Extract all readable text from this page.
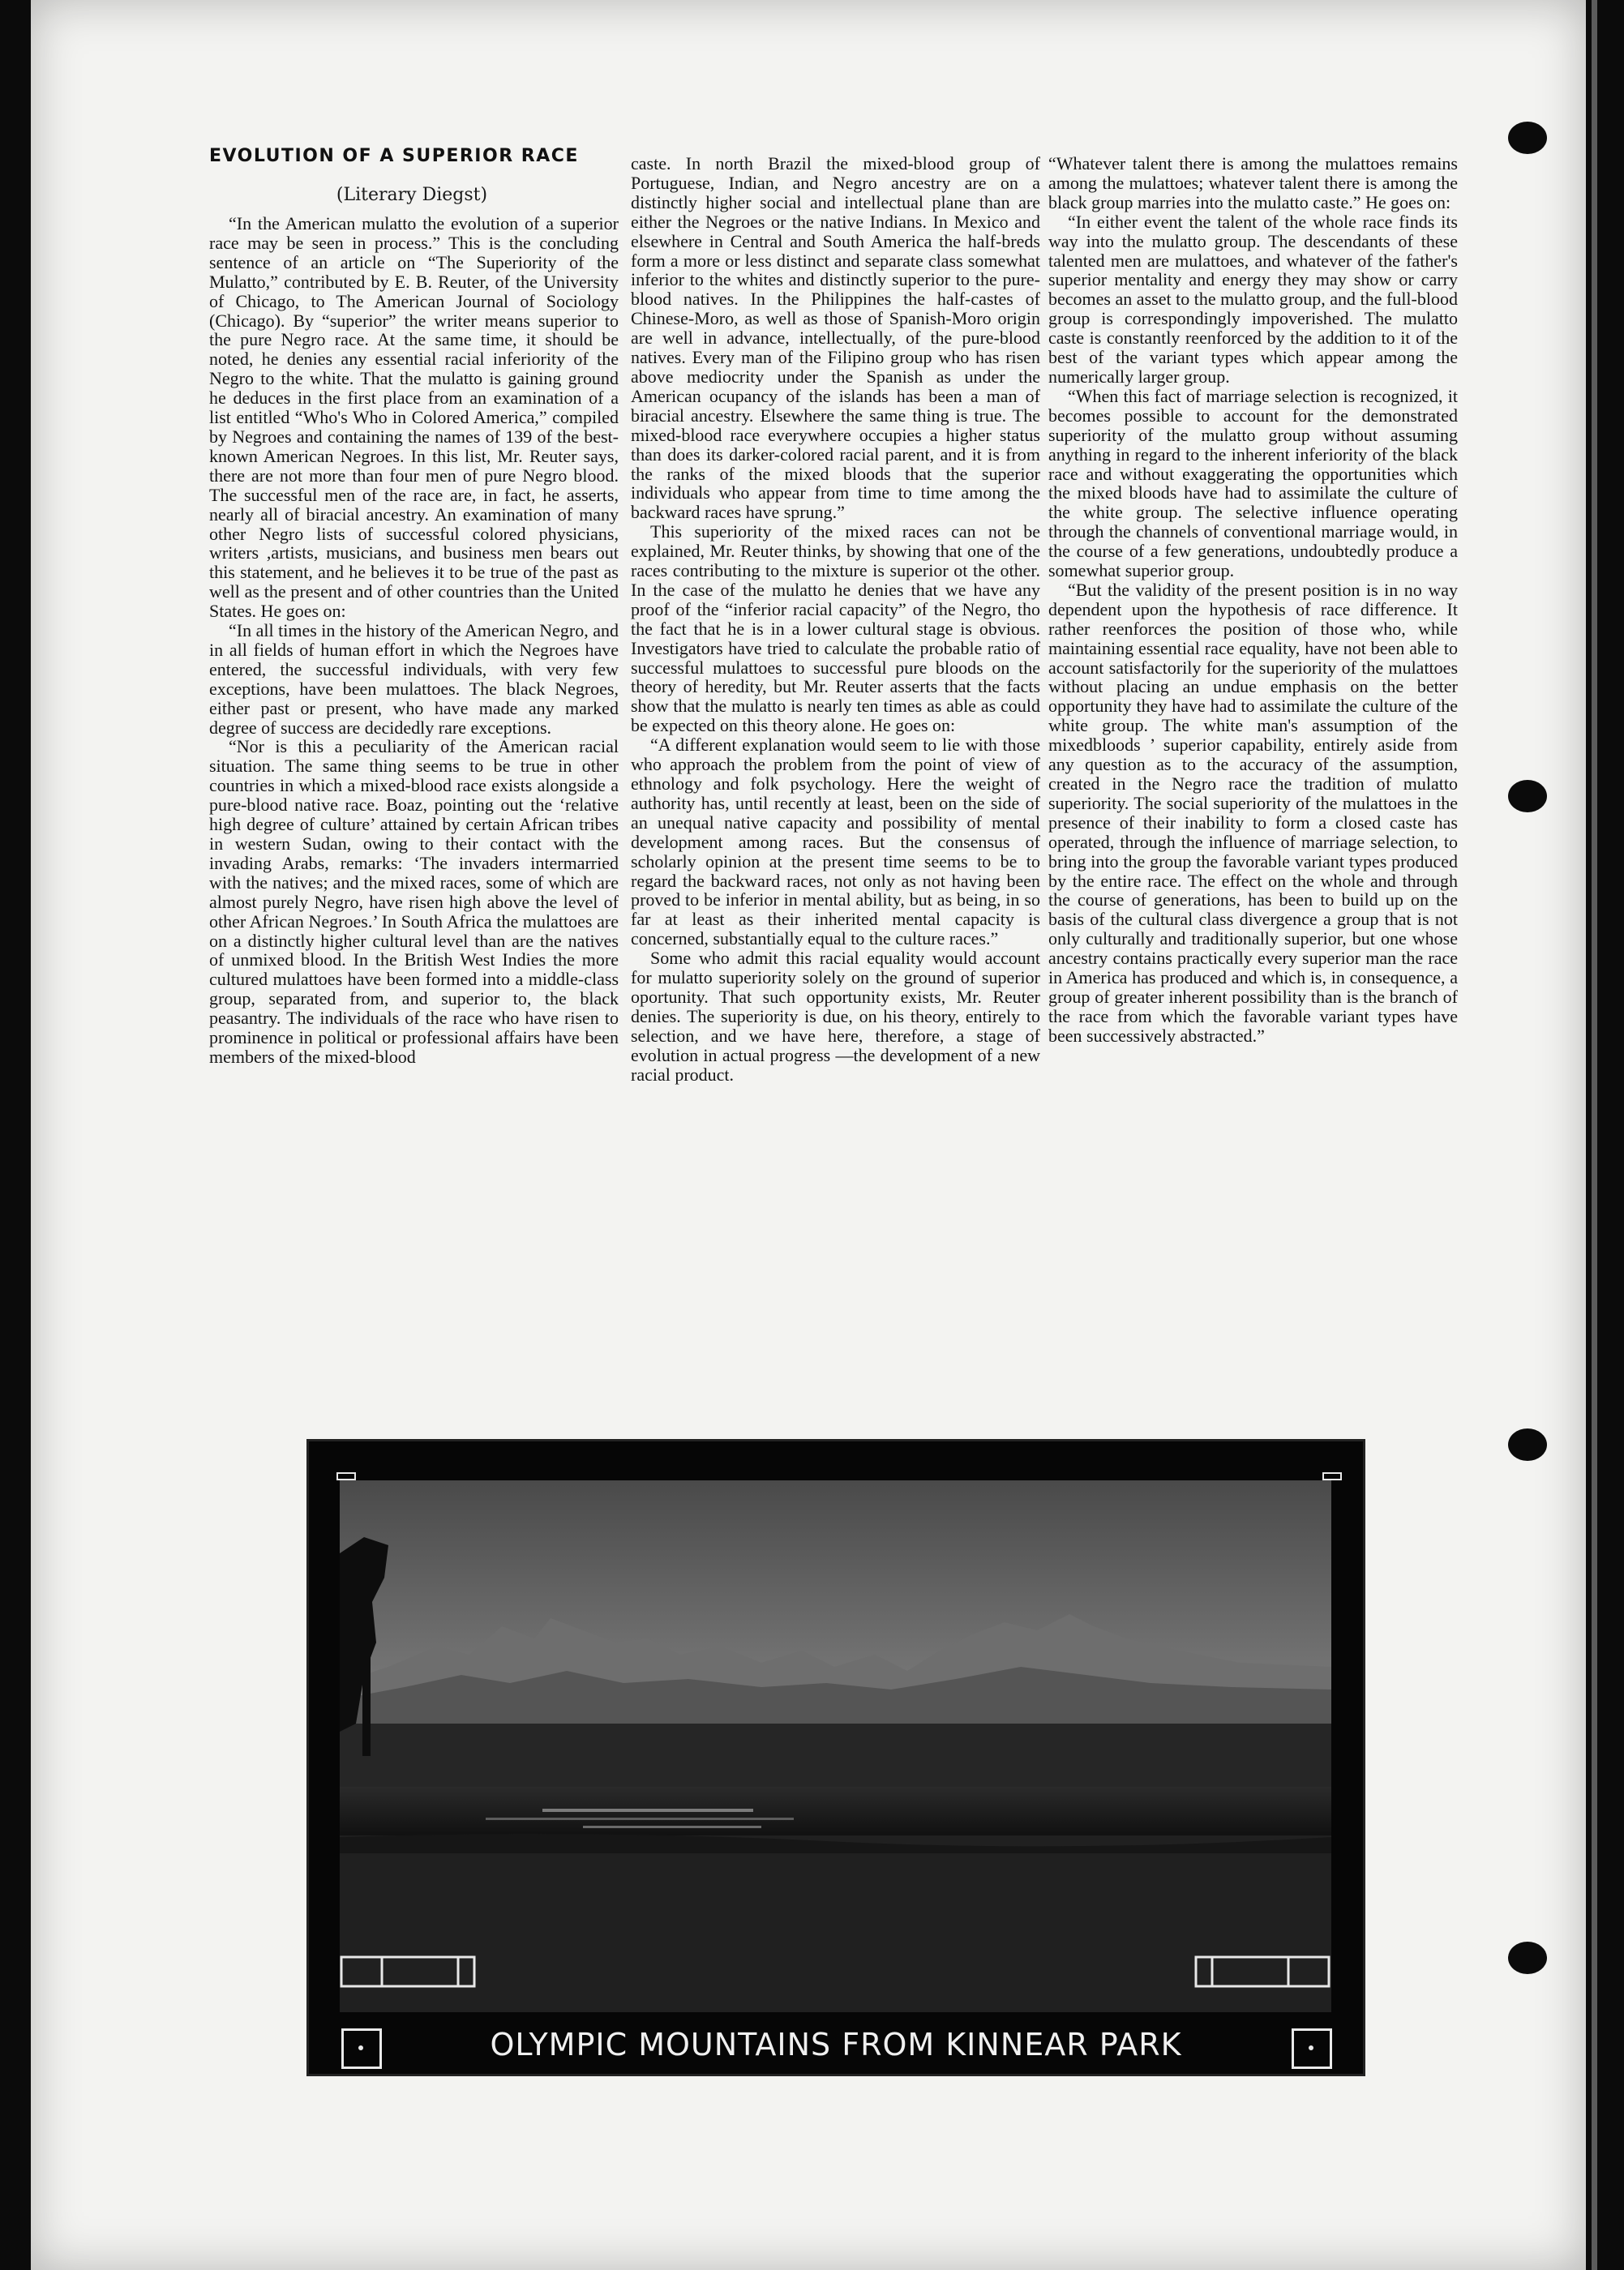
EVOLUTION OF A SUPERIOR RACE
(Literary Diegst)

“In the American mulatto the evolution of a superior race may be seen in process.” This is the concluding sentence of an article on “The Superiority of the Mulatto,” contributed by E. B. Reuter, of the University of Chicago, to The American Journal of Sociology (Chicago). By “superior” the writer means superior to the pure Negro race. At the same time, it should be noted, he denies any essential racial inferiority of the Negro to the white. That the mulatto is gaining ground he deduces in the first place from an examination of a list entitled “Who's Who in Colored America,” compiled by Negroes and containing the names of 139 of the best-known American Negroes. In this list, Mr. Reuter says, there are not more than four men of pure Negro blood. The successful men of the race are, in fact, he asserts, nearly all of biracial ancestry. An examination of many other Negro lists of successful colored physicians, writers ,artists, musicians, and business men bears out this statement, and he believes it to be true of the past as well as the present and of other countries than the United States. He goes on:

“In all times in the history of the American Negro, and in all fields of human effort in which the Negroes have entered, the successful individuals, with very few exceptions, have been mulattoes. The black Negroes, either past or present, who have made any marked degree of success are decidedly rare exceptions.

“Nor is this a peculiarity of the American racial situation. The same thing seems to be true in other countries in which a mixed-blood race exists alongside a pure-blood native race. Boaz, pointing out the ‘relative high degree of culture’ attained by certain African tribes in western Sudan, owing to their contact with the invading Arabs, remarks: ‘The invaders intermarried with the natives; and the mixed races, some of which are almost purely Negro, have risen high above the level of other African Negroes.’ In South Africa the mulattoes are on a distinctly higher cultural level than are the natives of unmixed blood. In the British West Indies the more cultured mulattoes have been formed into a middle-class group, separated from, and superior to, the black peasantry. The individuals of the race who have risen to prominence in political or professional affairs have been members of the mixed-blood

caste. In north Brazil the mixed-blood group of Portuguese, Indian, and Negro ancestry are on a distinctly higher social and intellectual plane than are either the Negroes or the native Indians. In Mexico and elsewhere in Central and South America the half-breds form a more or less distinct and separate class somewhat inferior to the whites and distinctly superior to the pure-blood natives. In the Philippines the half-castes of Chinese-Moro, as well as those of Spanish-Moro origin are well in advance, intellectually, of the pure-blood natives. Every man of the Filipino group who has risen above mediocrity under the Spanish as under the American ocupancy of the islands has been a man of biracial ancestry. Elsewhere the same thing is true. The mixed-blood race everywhere occupies a higher status than does its darker-colored racial parent, and it is from the ranks of the mixed bloods that the superior individuals who appear from time to time among the backward races have sprung.”

This superiority of the mixed races can not be explained, Mr. Reuter thinks, by showing that one of the races contributing to the mixture is superior ot the other. In the case of the mulatto he denies that we have any proof of the “inferior racial capacity” of the Negro, tho the fact that he is in a lower cultural stage is obvious. Investigators have tried to calculate the probable ratio of successful mulattoes to successful pure bloods on the theory of heredity, but Mr. Reuter asserts that the facts show that the mulatto is nearly ten times as able as could be expected on this theory alone. He goes on:

“A different explanation would seem to lie with those who approach the problem from the point of view of ethnology and folk psychology. Here the weight of authority has, until recently at least, been on the side of an unequal native capacity and possibility of mental development among races. But the consensus of scholarly opinion at the present time seems to be to regard the backward races, not only as not having been proved to be inferior in mental ability, but as being, in so far at least as their inherited mental capacity is concerned, substantially equal to the culture races.”

Some who admit this racial equality would account for mulatto superiority solely on the ground of superior oportunity. That such opportunity exists, Mr. Reuter denies. The superiority is due, on his theory, entirely to selection, and we have here, therefore, a stage of evolution in actual progress —the development of a new racial product.

“Whatever talent there is among the mulattoes remains among the mulattoes; whatever talent there is among the black group marries into the mulatto caste.” He goes on:

“In either event the talent of the whole race finds its way into the mulatto group. The descendants of these talented men are mulattoes, and whatever of the father's superior mentality and energy they may show or carry becomes an asset to the mulatto group, and the full-blood group is correspondingly impoverished. The mulatto caste is constantly reenforced by the addition to it of the best of the variant types which appear among the numerically larger group.

“When this fact of marriage selection is recognized, it becomes possible to account for the demonstrated superiority of the mulatto group without assuming anything in regard to the inherent inferiority of the black race and without exaggerating the opportunities which the mixed bloods have had to assimilate the culture of the white group. The selective influence operating through the channels of conventional marriage would, in the course of a few generations, undoubtedly produce a somewhat superior group.

“But the validity of the present position is in no way dependent upon the hypothesis of race difference. It rather reenforces the position of those who, while maintaining essential race equality, have not been able to account satisfactorily for the superiority of the mulattoes without placing an undue emphasis on the better opportunity they have had to assimilate the culture of the white group. The white man's assumption of the mixedbloods ’ superior capability, entirely aside from any question as to the accuracy of the assumption, created in the Negro race the tradition of mulatto superiority. The social superiority of the mulattoes in the presence of their inability to form a closed caste has operated, through the influence of marriage selection, to bring into the group the favorable variant types produced by the entire race. The effect on the whole and through the course of generations, has been to build up on the basis of the cultural class divergence a group that is not only culturally and traditionally superior, but one whose ancestry contains practically every superior man the race in America has produced and which is, in consequence, a group of greater inherent possibility than is the branch of the race from which the favorable variant types have been successively abstracted.”

OLYMPIC MOUNTAINS FROM KINNEAR PARK
